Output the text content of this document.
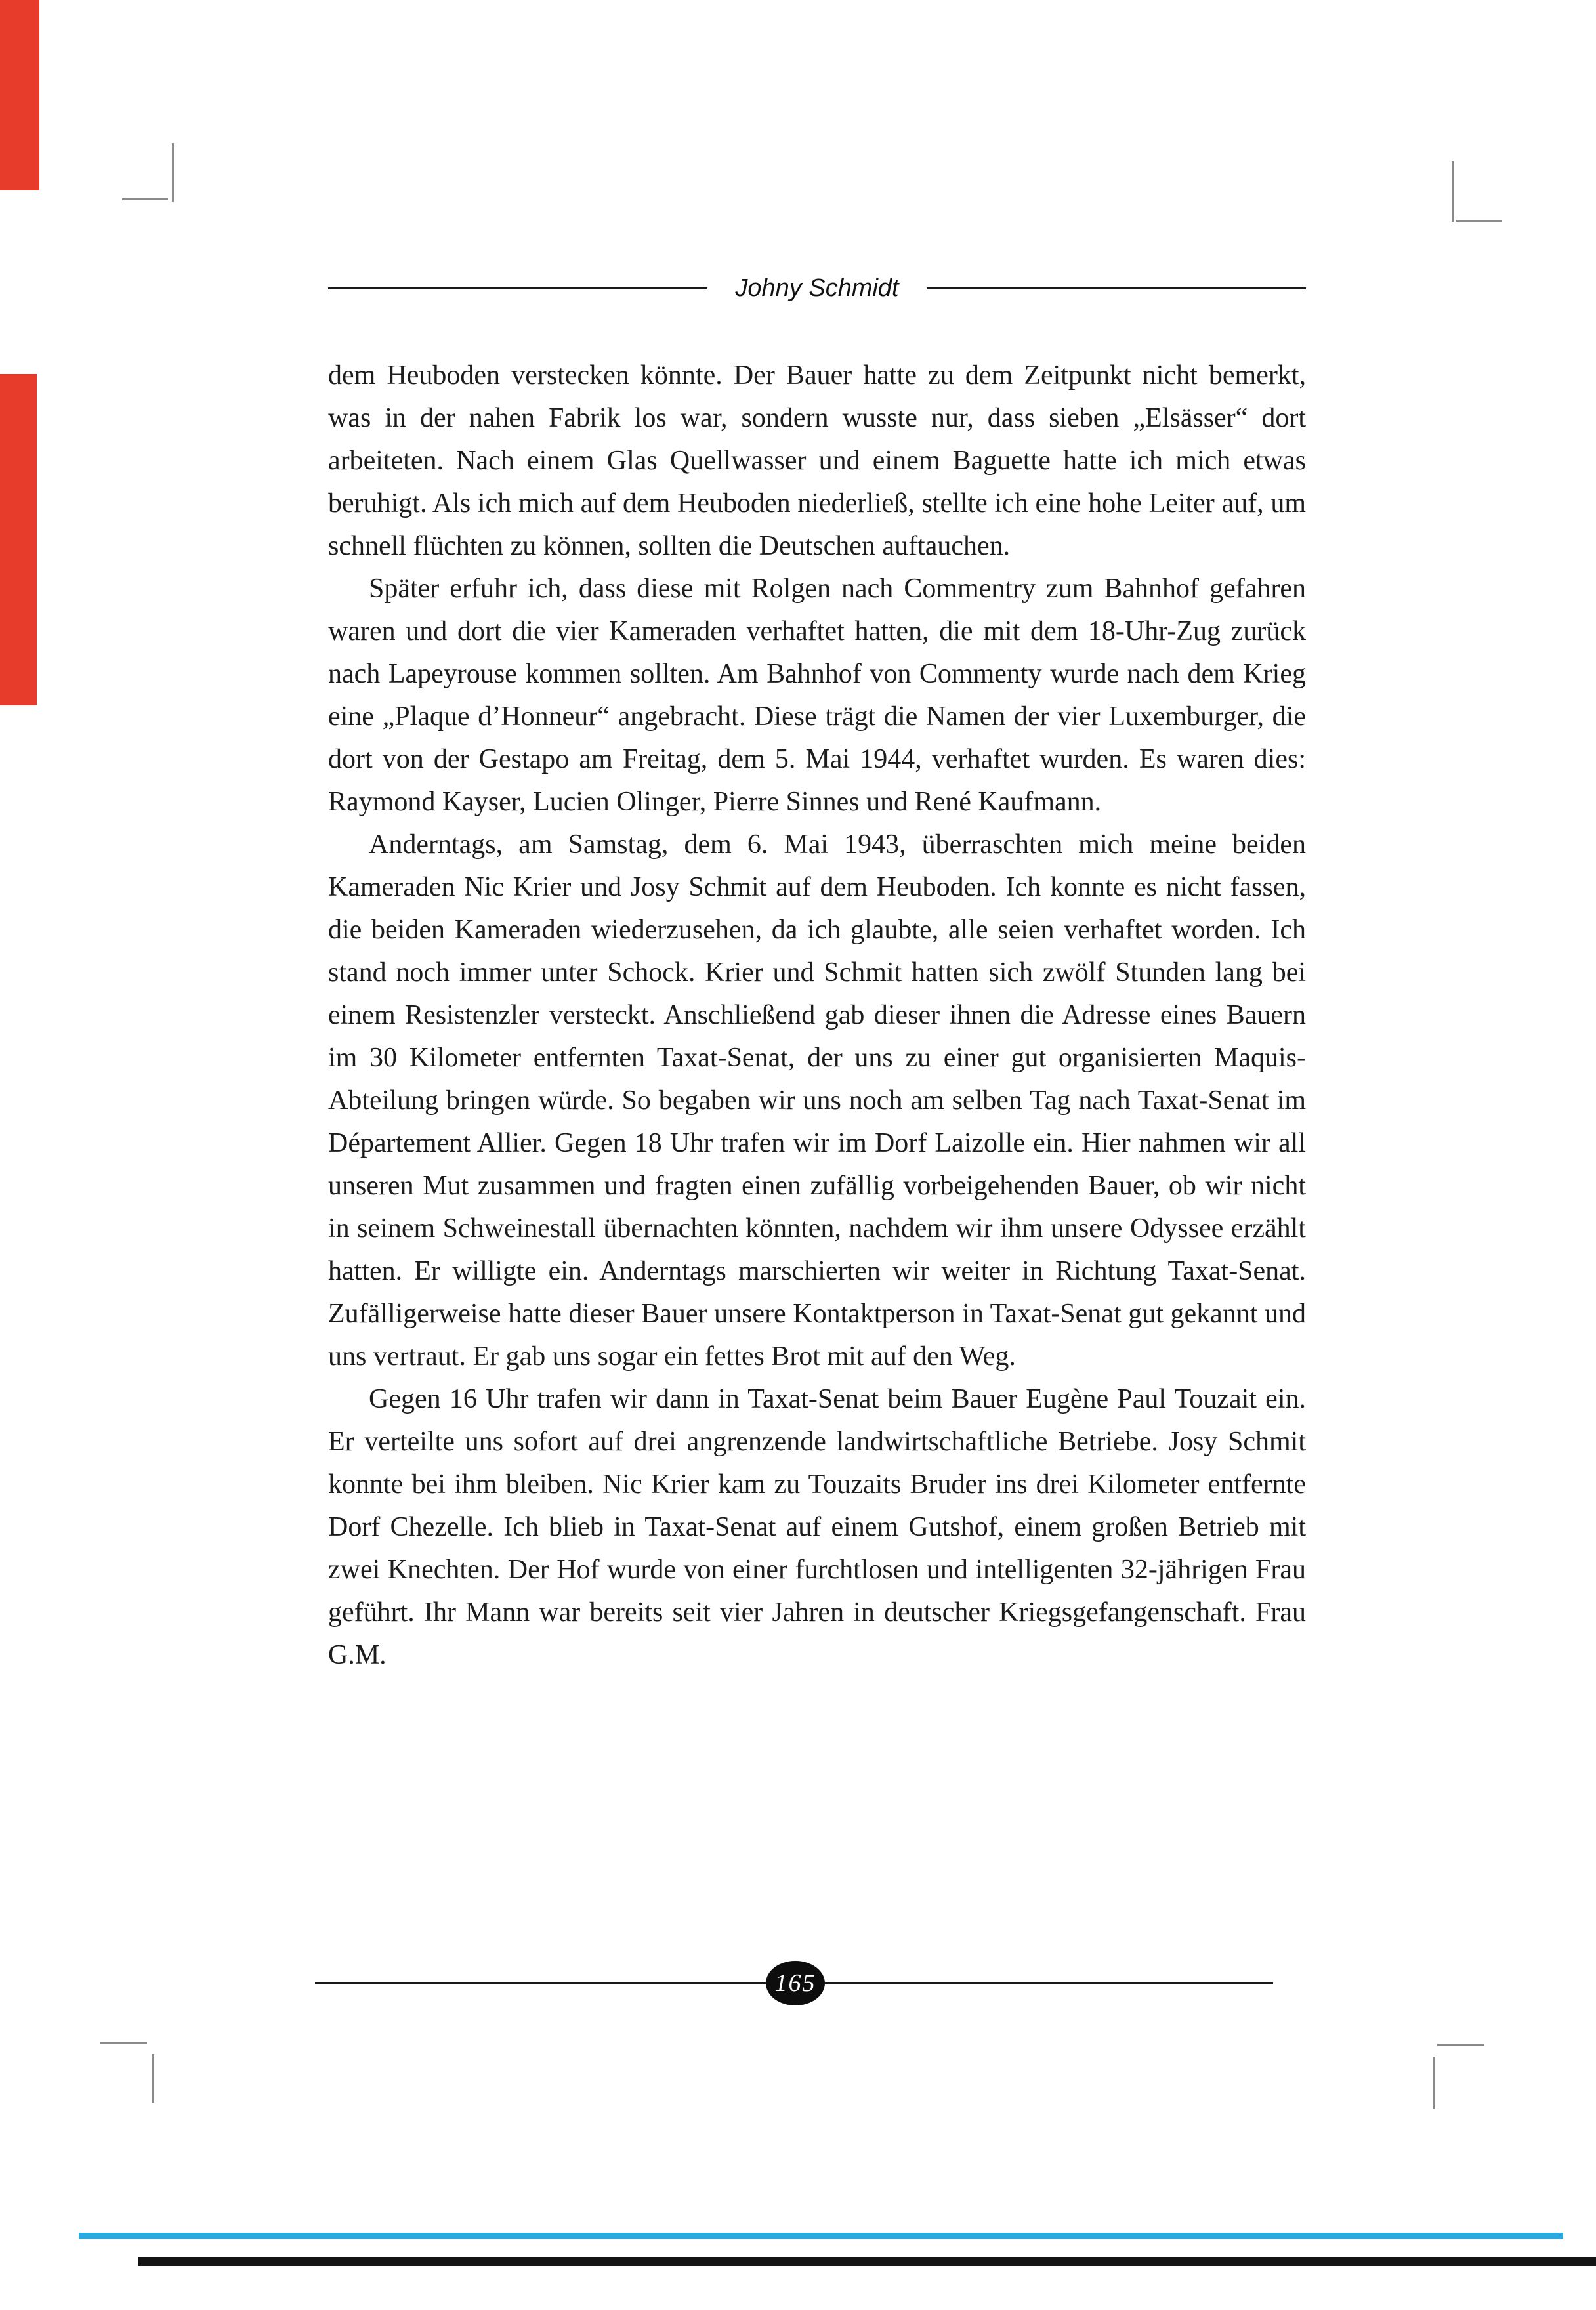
Johny Schmidt

dem Heuboden verstecken könnte. Der Bauer hatte zu dem Zeitpunkt nicht bemerkt, was in der nahen Fabrik los war, sondern wusste nur, dass sieben „Elsässer“ dort arbeiteten. Nach einem Glas Quellwasser und einem Baguette hatte ich mich etwas beruhigt. Als ich mich auf dem Heuboden niederließ, stellte ich eine hohe Leiter auf, um schnell flüchten zu können, sollten die Deutschen auftauchen.

Später erfuhr ich, dass diese mit Rolgen nach Commentry zum Bahnhof gefahren waren und dort die vier Kameraden verhaftet hatten, die mit dem 18-Uhr-Zug zurück nach Lapeyrouse kommen sollten. Am Bahnhof von Commenty wurde nach dem Krieg eine „Plaque d’Honneur“ angebracht. Diese trägt die Namen der vier Luxemburger, die dort von der Gestapo am Freitag, dem 5. Mai 1944, verhaftet wurden. Es waren dies: Raymond Kayser, Lucien Olinger, Pierre Sinnes und René Kaufmann.

Anderntags, am Samstag, dem 6. Mai 1943, überraschten mich meine beiden Kameraden Nic Krier und Josy Schmit auf dem Heuboden. Ich konnte es nicht fassen, die beiden Kameraden wiederzusehen, da ich glaubte, alle seien verhaftet worden. Ich stand noch immer unter Schock. Krier und Schmit hatten sich zwölf Stunden lang bei einem Resistenzler versteckt. Anschließend gab dieser ihnen die Adresse eines Bauern im 30 Kilometer entfernten Taxat-Senat, der uns zu einer gut organisierten Maquis-Abteilung bringen würde. So begaben wir uns noch am selben Tag nach Taxat-Senat im Département Allier. Gegen 18 Uhr trafen wir im Dorf Laizolle ein. Hier nahmen wir all unseren Mut zusammen und fragten einen zufällig vorbeigehenden Bauer, ob wir nicht in seinem Schweinestall übernachten könnten, nachdem wir ihm unsere Odyssee erzählt hatten. Er willigte ein. Anderntags marschierten wir weiter in Richtung Taxat-Senat. Zufälligerweise hatte dieser Bauer unsere Kontaktperson in Taxat-Senat gut gekannt und uns vertraut. Er gab uns sogar ein fettes Brot mit auf den Weg.

Gegen 16 Uhr trafen wir dann in Taxat-Senat beim Bauer Eugène Paul Touzait ein. Er verteilte uns sofort auf drei angrenzende landwirtschaftliche Betriebe. Josy Schmit konnte bei ihm bleiben. Nic Krier kam zu Touzaits Bruder ins drei Kilometer entfernte Dorf Chezelle. Ich blieb in Taxat-Senat auf einem Gutshof, einem großen Betrieb mit zwei Knechten. Der Hof wurde von einer furchtlosen und intelligenten 32-jährigen Frau geführt. Ihr Mann war bereits seit vier Jahren in deutscher Kriegsgefangenschaft. Frau G.M.

165
